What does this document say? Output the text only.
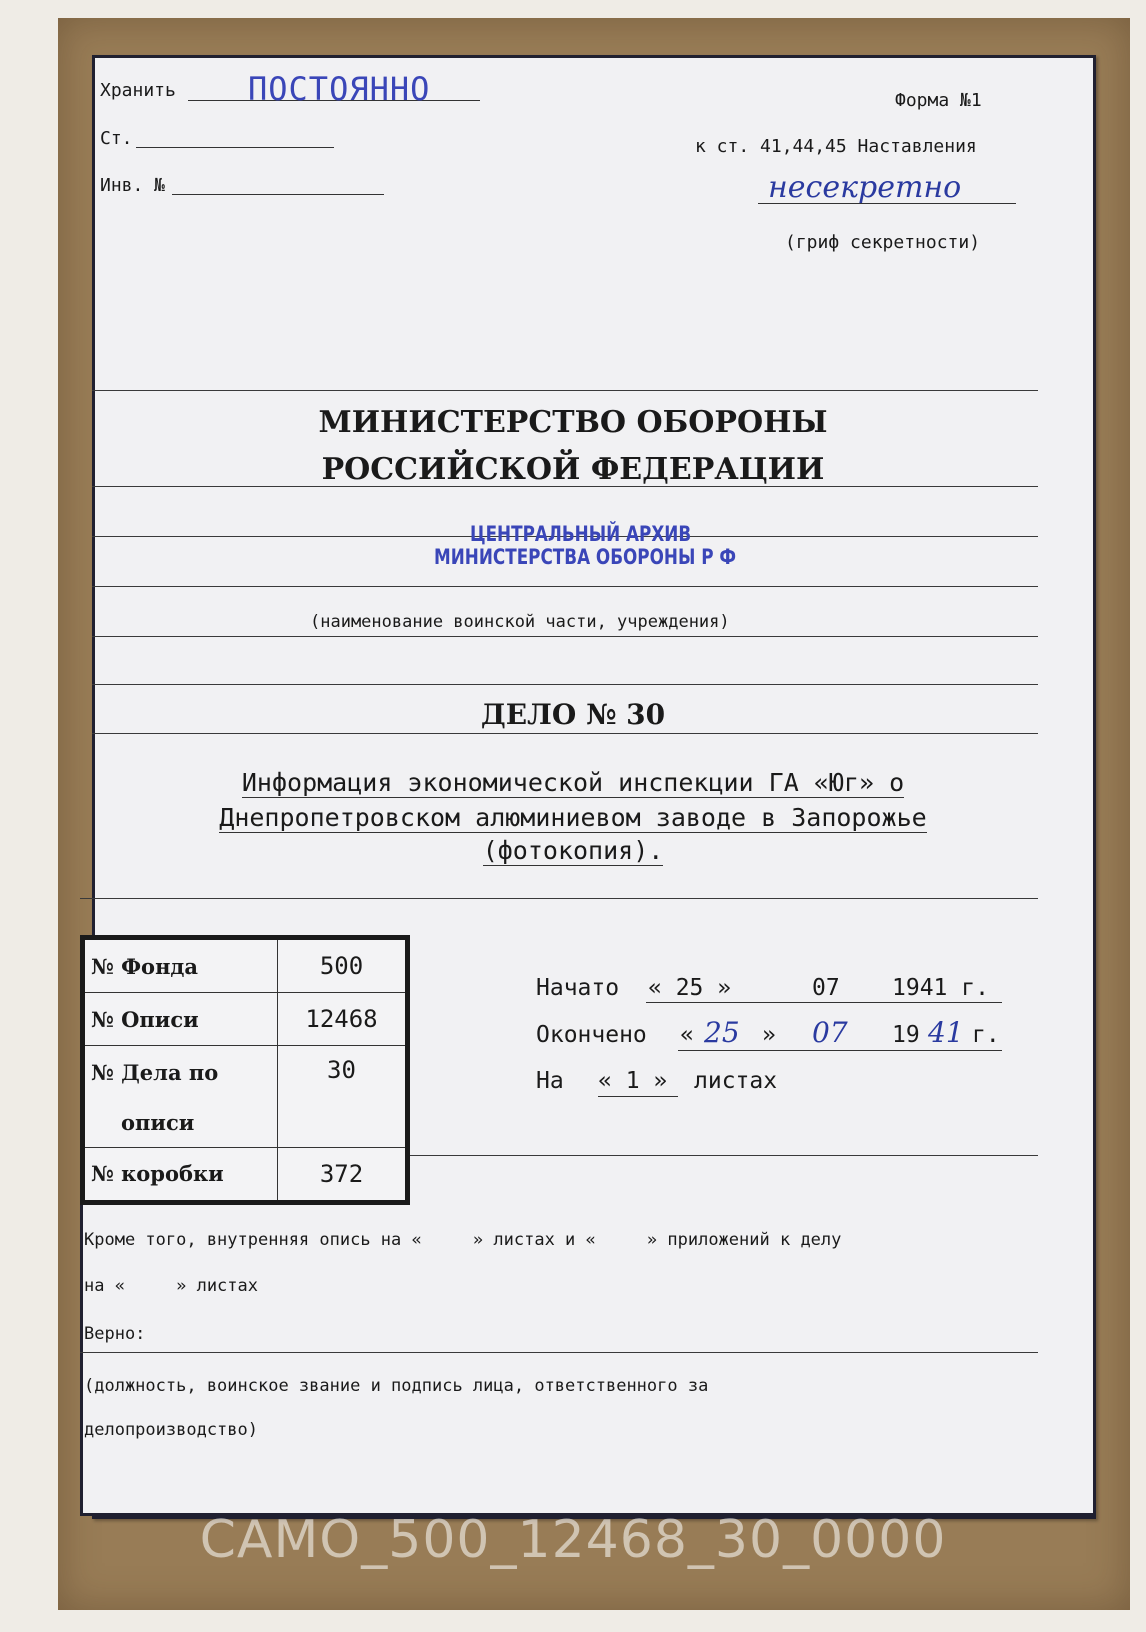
Хранить ПОСТОЯННО	Форма №1
Ст.	к ст. 41,44,45 Наставления
Инв. №	несекретно
(гриф секретности)
МИНИСТЕРСТВО ОБОРОНЫ
РОССИЙСКОЙ ФЕДЕРАЦИИ
ЦЕНТРАЛЬНЫЙ АРХИВ
МИНИСТЕРСТВА ОБОРОНЫ Р Ф
(наименование воинской части, учреждения)
ДЕЛО № 30
Информация экономической инспекции ГА «Юг» о
Днепропетровском алюминиевом заводе в Запорожье
(фотокопия).
№ Фонда	500
№ Описи	12468
№ Дела по	30
описи	
№ коробки	372
Начато « 25 »	07 1941 г.
Окончено « 25 » 07 19 41 г.
На « 1 » листах
Кроме того, внутренняя опись на «     » листах и «     » приложений к делу
на «     » листах
Верно:
(должность, воинское звание и подпись лица, ответственного за
делопроизводство)
CAMO_500_12468_30_0000
